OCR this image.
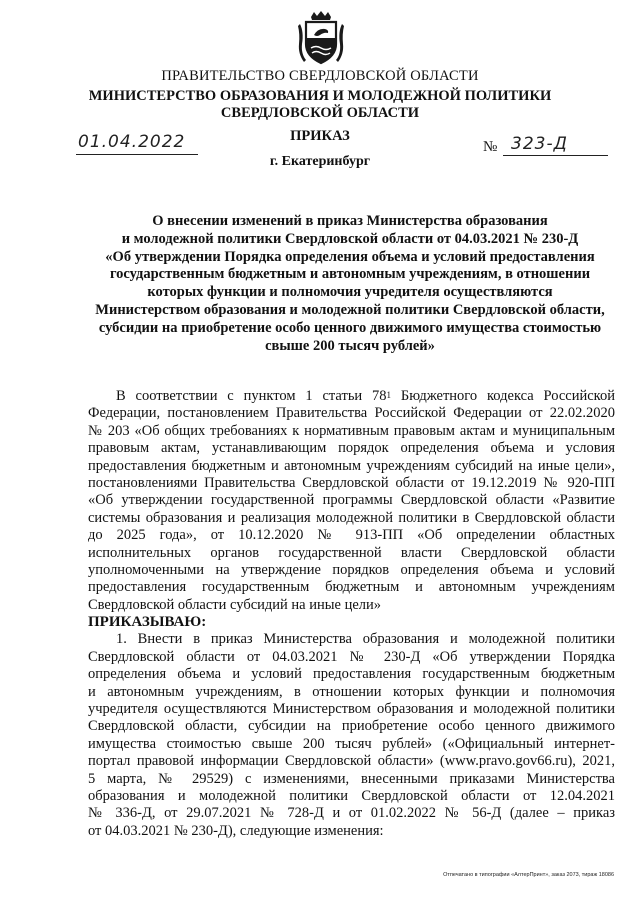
ПРАВИТЕЛЬСТВО СВЕРДЛОВСКОЙ ОБЛАСТИ
МИНИСТЕРСТВО ОБРАЗОВАНИЯ И МОЛОДЕЖНОЙ ПОЛИТИКИ
СВЕРДЛОВСКОЙ ОБЛАСТИ
ПРИКАЗ
01.04.2022	№ 323-Д
г. Екатеринбург
О внесении изменений в приказ Министерства образования
и молодежной политики Свердловской области от 04.03.2021 № 230-Д
«Об утверждении Порядка определения объема и условий предоставления
государственным бюджетным и автономным учреждениям, в отношении
которых функции и полномочия учредителя осуществляются
Министерством образования и молодежной политики Свердловской области,
субсидии на приобретение особо ценного движимого имущества стоимостью
свыше 200 тысяч рублей»
В соответствии с пунктом 1 статьи $78^1$ Бюджетного кодекса Российской
Федерации, постановлением Правительства Российской Федерации от 22.02.2020
№ 203 «Об общих требованиях к нормативным правовым актам и муниципальным
правовым актам, устанавливающим порядок определения объема и условия
предоставления бюджетным и автономным учреждениям субсидий на иные цели»,
постановлениями Правительства Свердловской области от 19.12.2019 № 920-ПП
«Об утверждении государственной программы Свердловской области «Развитие
системы образования и реализация молодежной политики в Свердловской области
до 2025 года», от 10.12.2020 № 913-ПП «Об определении областных
исполнительных органов государственной власти Свердловской области
уполномоченными на утверждение порядков определения объема и условий
предоставления государственным бюджетным и автономным учреждениям
Свердловской области субсидий на иные цели»
ПРИКАЗЫВАЮ:
1. Внести в приказ Министерства образования и молодежной политики
Свердловской области от 04.03.2021 № 230-Д «Об утверждении Порядка
определения объема и условий предоставления государственным бюджетным
и автономным учреждениям, в отношении которых функции и полномочия
учредителя осуществляются Министерством образования и молодежной политики
Свердловской области, субсидии на приобретение особо ценного движимого
имущества стоимостью свыше 200 тысяч рублей» («Официальный интернет-
портал правовой информации Свердловской области» (www.pravo.gov66.ru), 2021,
5 марта, № 29529) с изменениями, внесенными приказами Министерства
образования и молодежной политики Свердловской области от 12.04.2021
№ 336-Д, от 29.07.2021 № 728-Д и от 01.02.2022 № 56-Д (далее – приказ
от 04.03.2021 № 230-Д), следующие изменения:
Отпечатано в типографии «АлтерПринт», заказ 2073, тираж 18086
